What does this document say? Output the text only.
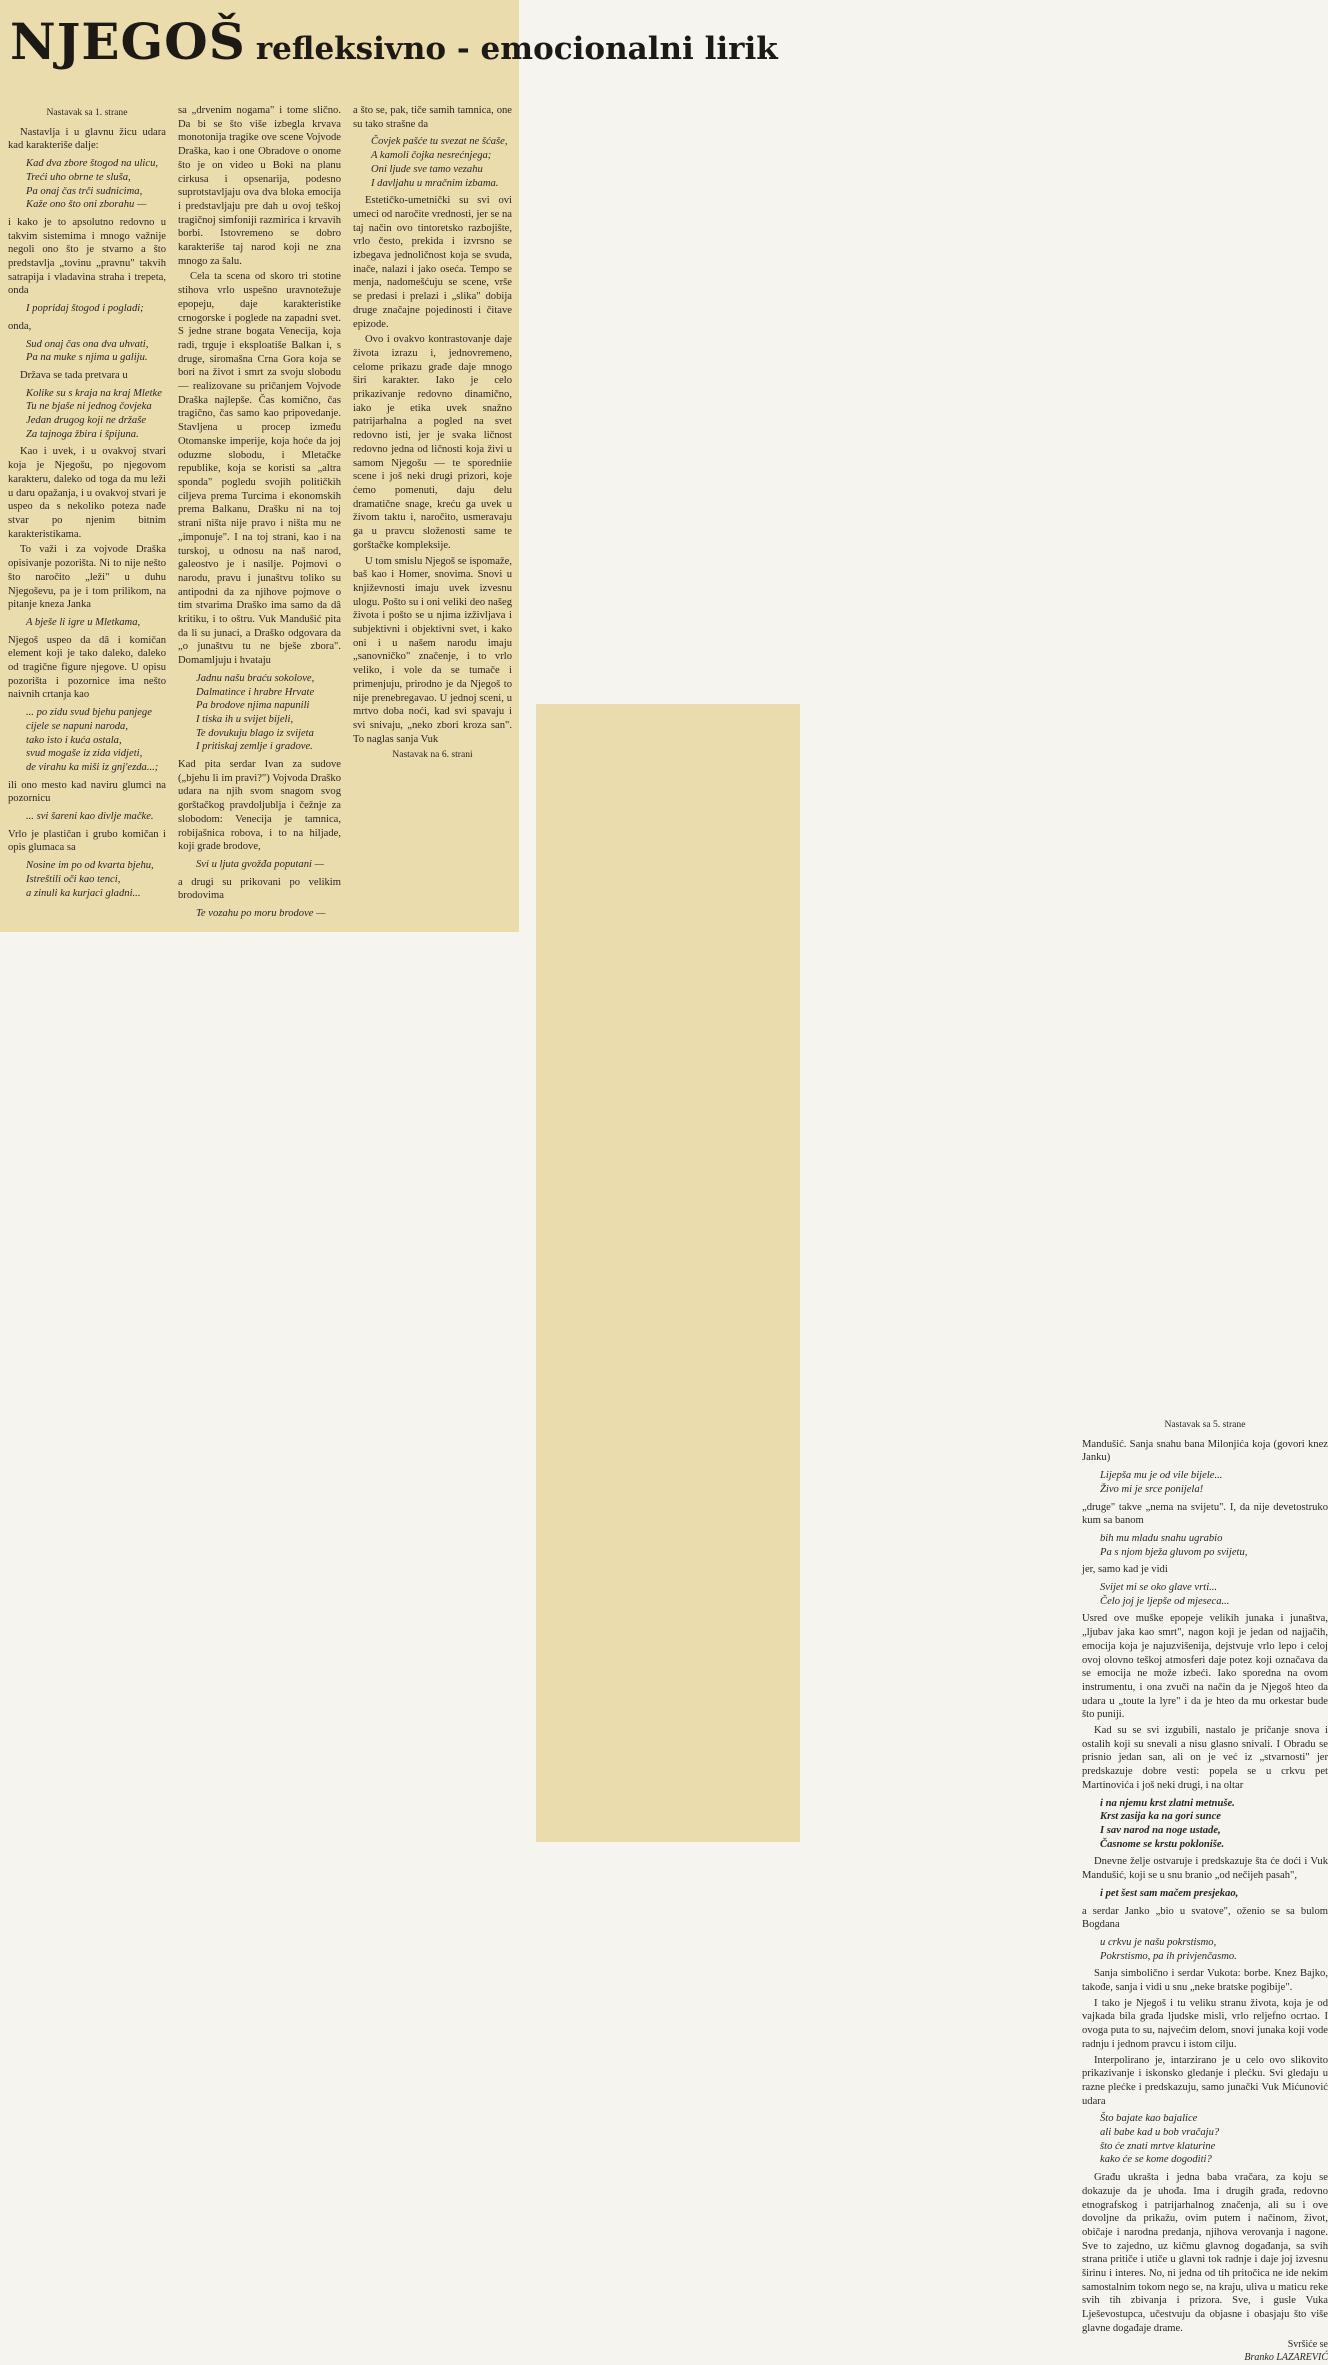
NJEGOŠ refleksivno - emocionalni lirik
Nastavak sa 1. strane

Nastavlja i u glavnu žicu udara kad karakteriše dalje:

Kad dva zbore štogod na ulicu,
Treći uho obrne te sluša,
Pa onaj čas trči sudnicima,
Kaže ono što oni zborahu —

i kako je to apsolutno redovno u takvim sistemima i mnogo važnije negoli ono što je stvarno a što predstavlja „tovinu „pravnu" takvih satrapija i vladavina straha i trepeta, onda

I popridaj štogod i pogladi;

onda,

Sud onaj čas ona dva uhvati,
Pa na muke s njima u galiju.

Država se tada pretvara u

Kolike su s kraja na kraj Mletke
Tu ne bjaše ni jednog čovjeka
Jedan drugog koji ne držaše
Za tajnoga žbira i špijuna.

Kao i uvek, i u ovakvoj stvari koja je Njegošu, po njegovom karakteru, daleko od toga da mu leži u daru opažanja, i u ovakvoj stvari je uspeo da s nekoliko poteza nađe stvar po njenim bitnim karakteristikama.

To važi i za vojvode Draška opisivanje pozorišta. Ni to nije nešto što naročito „leži" u duhu Njegoševu, pa je i tom prilikom, na pitanje kneza Janka

A bješe li igre u Mletkama,

Njegoš uspeo da dâ i komičan element koji je tako daleko, daleko od tragične figure njegove. U opisu pozorišta i pozornice ima nešto naivnih crtanja kao

... po zidu svud bjehu panjege
cijele se napuni naroda,
tako isto i kuća ostala,
svud mogaše iz zida vidjeti,
de virahu ka miši iz gnj'ezda...;

ili ono mesto kad naviru glumci na pozornicu

... svi šareni kao divlje mačke.

Vrlo je plastičan i grubo komičan i opis glumaca sa

Nosine im po od kvarta bjehu,
Istreštili oči kao tenci,
a zinuli ka kurjaci gladni...

sa „drvenim nogama" i tome slično. Da bi se što više izbegla krvava monotonija tragike ove scene Vojvode Draška, kao i one Obradove o onome što je on video u Boki na planu cirkusa i opsenarija, podesno suprotstavljaju ova dva bloka emocija i predstavljaju pre dah u ovoj teškoj tragičnoj simfoniji razmirica i krvavih borbi. Istovremeno se dobro karakteriše taj narod koji ne zna mnogo za šalu.

Cela ta scena od skoro tri stotine stihova vrlo uspešno uravnotežuje epopeju, daje karakteristike crnogorske i poglede na zapadni svet. S jedne strane bogata Venecija, koja radi, trguje i eksploatiše Balkan i, s druge, siromašna Crna Gora koja se bori na život i smrt za svoju slobodu — realizovane su pričanjem Vojvode Draška najlepše. Čas komično, čas tragično, čas samo kao pripovedanje. Stavljena u procep između Otomanske imperije, koja hoće da joj oduzme slobodu, i Mletačke republike, koja se koristi sa „altra sponda" pogledu svojih političkih ciljeva prema Turcima i ekonomskih prema Balkanu, Drašku ni na toj strani ništa nije pravo i ništa mu ne „imponuje". I na toj strani, kao i na turskoj, u odnosu na naš narod, galeostvo je i nasilje. Pojmovi o narodu, pravu i junaštvu toliko su antipodni da za njihove pojmove o tim stvarima Draško ima samo da dâ kritiku, i to oštru. Vuk Mandušić pita da li su junaci, a Draško odgovara da „o junaštvu tu ne bješe zbora". Domamljuju i hvataju

Jadnu našu braću sokolove,
Dalmatince i hrabre Hrvate
Pa brodove njima napunili
I tiska ih u svijet bijeli,
Te dovukuju blago iz svijeta
I pritiskaj zemlje i gradove.

Kad pita serdar Ivan za sudove („bjehu li im pravi?") Vojvoda Draško udara na njih svom snagom svog gorštačkog pravdoljublja i čežnje za slobodom: Venecija je tamnica, robijašnica robova, i to na hiljade, koji grade brodove,

Svi u ljuta gvožđa poputani —

a drugi su prikovani po velikim brodovima

Te vozahu po moru brodove —

a što se, pak, tiče samih tamnica, one su tako strašne da

Čovjek pašće tu svezat ne šćaše,
A kamoli čojka nesrećnjega;
Oni ljude sve tamo vezahu
I davljahu u mračnim izbama.

Estetičko-umetnički su svi ovi umeci od naročite vrednosti, jer se na taj način ovo tintoretsko razbojište, vrlo često, prekida i izvrsno se izbegava jednoličnost koja se svuda, inače, nalazi i jako oseća. Tempo se menja, nadomešćuju se scene, vrše se predasi i prelazi i „slika" dobija druge značajne pojedinosti i čitave epizode.

Ovo i ovakvo kontrastovanje daje života izrazu i, jednovremeno, celome prikazu građe daje mnogo širi karakter. Iako je celo prikazivanje redovno dinamično, iako je etika uvek snažno patrijarhalna a pogled na svet redovno isti, jer je svaka ličnost redovno jedna od ličnosti koja živi u samom Njegošu — te sporedniie scene i još neki drugi prizori, koje ćemo pomenuti, daju delu dramatične snage, kreću ga uvek u živom taktu i, naročito, usmeravaju ga u pravcu složenosti same te gorštačke kompleksije.

U tom smislu Njegoš se ispomaže, baš kao i Homer, snovima. Snovi u književnosti imaju uvek izvesnu ulogu. Pošto su i oni veliki deo našeg života i pošto se u njima izživljava i subjektivni i objektivni svet, i kako oni i u našem narodu imaju „sanovničko" značenje, i to vrlo veliko, i vole da se tumače i primenjuju, prirodno je da Njegoš to nije prenebregavao. U jednoj sceni, u mrtvo doba noći, kad svi spavaju i svi snivaju, „neko zbori kroza san". To naglas sanja Vuk

Nastavak na 6. strani
Nastavak sa 5. strane

Mandušić. Sanja snahu bana Milonjića koja (govori knez Janku)

Lijepša mu je od vile bijele...
Živo mi je srce ponijela!

„druge" takve „nema na svijetu". I, da nije devetostruko kum sa banom

bih mu mladu snahu ugrabio
Pa s njom bježa gluvom po svijetu,

jer, samo kad je vidi

Svijet mi se oko glave vrti...
Čelo joj je ljepše od mjeseca...

Usred ove muške epopeje velikih junaka i junaštva, „ljubav jaka kao smrt", nagon koji je jedan od najjačih, emocija koja je najuzvišenija, dejstvuje vrlo lepo i celoj ovoj olovno teškoj atmosferi daje potez koji označava da se emocija ne može izbeći. Iako sporedna na ovom instrumentu, i ona zvuči na način da je Njegoš hteo da udara u „toute la lyre" i da je hteo da mu orkestar bude što puniji.

Kad su se svi izgubili, nastalo je pričanje snova i ostalih koji su snevali a nisu glasno snivali. I Obradu se prisnio jedan san, ali on je već iz „stvarnosti" jer predskazuje dobre vesti: popela se u crkvu pet Martinovića i još neki drugi, i na oltar

i na njemu krst zlatni metnuše.
Krst zasija ka na gori sunce
I sav narod na noge ustade,
Časnome se krstu pokloniše.

Dnevne želje ostvaruje i predskazuje šta će doći i Vuk Mandušić, koji se u snu branio „od nečijeh pasah",

i pet šest sam mačem presjekao,

a serdar Janko „bio u svatove", oženio se sa bulom Bogdana

u crkvu je našu pokrstismo,
Pokrstismo, pa ih privjenčasmo.

Sanja simbolično i serdar Vukota: borbe. Knez Bajko, takođe, sanja i vidi u snu „neke bratske pogibije".

I tako je Njegoš i tu veliku stranu života, koja je od vajkada bila građa ljudske misli, vrlo reljefno ocrtao. I ovoga puta to su, najvećim delom, snovi junaka koji vode radnju i jednom pravcu i istom cilju.

Interpolirano je, intarzirano je u celo ovo slikovito prikazivanje i iskonsko gledanje i plećku. Svi gledaju u razne plećke i predskazuju, samo junački Vuk Mićunović udara

Što bajate kao bajalice
ali babe kad u bob vračaju?
što će znati mrtve klaturine
kako će se kome dogoditi?

Građu ukrašta i jedna baba vračara, za koju se dokazuje da je uhođa. Ima i drugih građa, redovno etnografskog i patrijarhalnog značenja, ali su i ove dovoljne da prikažu, ovim putem i načinom, život, običaje i narodna predanja, njihova verovanja i nagone. Sve to zajedno, uz kičmu glavnog događanja, sa svih strana pritiče i utiče u glavni tok radnje i daje joj izvesnu širinu i interes. No, ni jedna od tih pritočica ne ide nekim samostalnim tokom nego se, na kraju, uliva u maticu reke svih tih zbivanja i prizora. Sve, i gusle Vuka Lješevostupca, učestvuju da objasne i obasjaju što više glavne događaje drame.

Svršiće se
Branko LAZAREVIĆ
